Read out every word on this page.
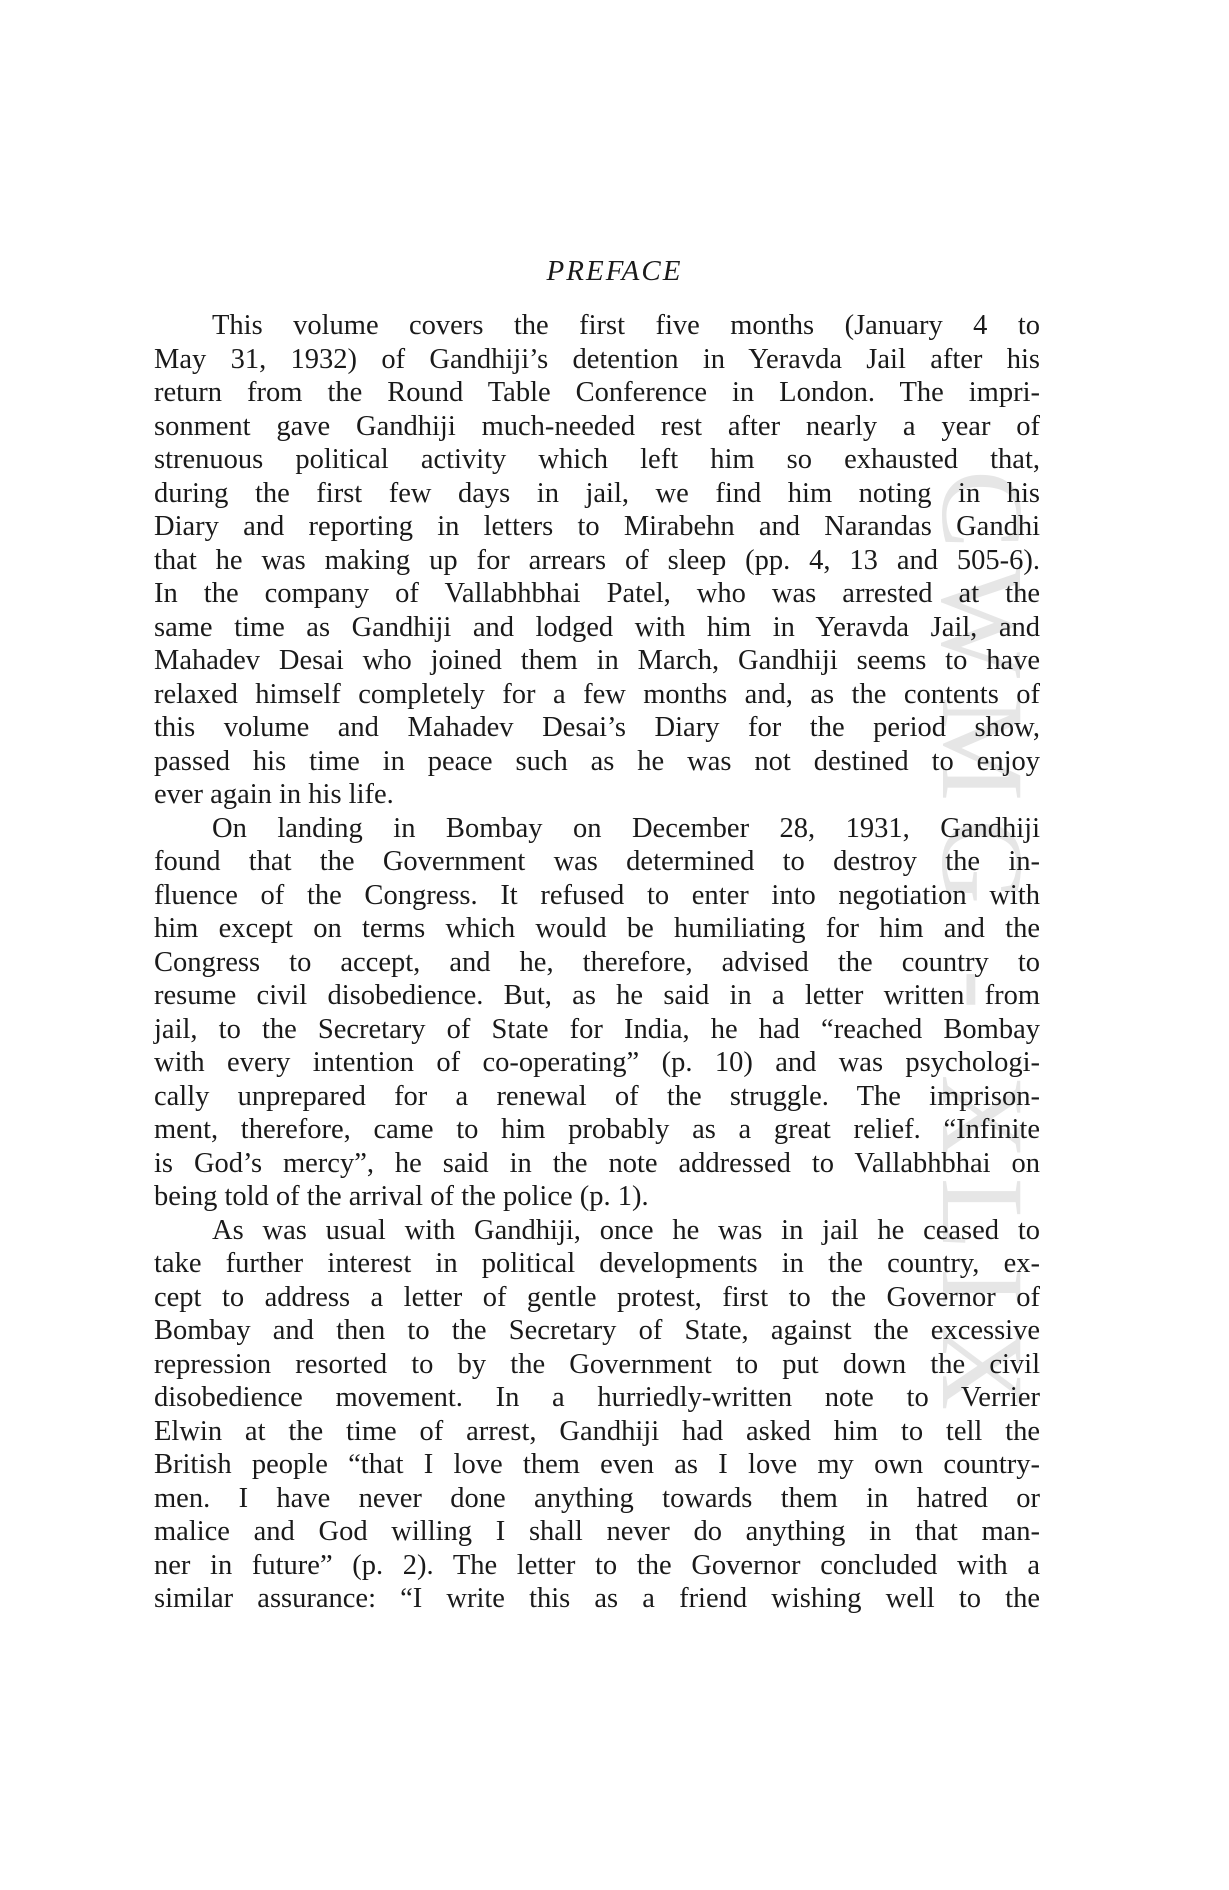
CWMG - XLIX
PREFACE
This volume covers the first five months (January 4 to
May 31, 1932) of Gandhiji’s detention in Yeravda Jail after his
return from the Round Table Conference in London. The impri-
sonment gave Gandhiji much-needed rest after nearly a year of
strenuous political activity which left him so exhausted that,
during the first few days in jail, we find him noting in his
Diary and reporting in letters to Mirabehn and Narandas Gandhi
that he was making up for arrears of sleep (pp. 4, 13 and 505-6).
In the company of Vallabhbhai Patel, who was arrested at the
same time as Gandhiji and lodged with him in Yeravda Jail, and
Mahadev Desai who joined them in March, Gandhiji seems to have
relaxed himself completely for a few months and, as the contents of
this volume and Mahadev Desai’s Diary for the period show,
passed his time in peace such as he was not destined to enjoy
ever again in his life.
On landing in Bombay on December 28, 1931, Gandhiji
found that the Government was determined to destroy the in-
fluence of the Congress. It refused to enter into negotiation with
him except on terms which would be humiliating for him and the
Congress to accept, and he, therefore, advised the country to
resume civil disobedience. But, as he said in a letter written from
jail, to the Secretary of State for India, he had “reached Bombay
with every intention of co-operating” (p. 10) and was psychologi-
cally unprepared for a renewal of the struggle. The imprison-
ment, therefore, came to him probably as a great relief. “Infinite
is God’s mercy”, he said in the note addressed to Vallabhbhai on
being told of the arrival of the police (p. 1).
As was usual with Gandhiji, once he was in jail he ceased to
take further interest in political developments in the country, ex-
cept to address a letter of gentle protest, first to the Governor of
Bombay and then to the Secretary of State, against the excessive
repression resorted to by the Government to put down the civil
disobedience movement. In a hurriedly-written note to Verrier
Elwin at the time of arrest, Gandhiji had asked him to tell the
British people “that I love them even as I love my own country-
men. I have never done anything towards them in hatred or
malice and God willing I shall never do anything in that man-
ner in future” (p. 2). The letter to the Governor concluded with a
similar assurance: “I write this as a friend wishing well to the
